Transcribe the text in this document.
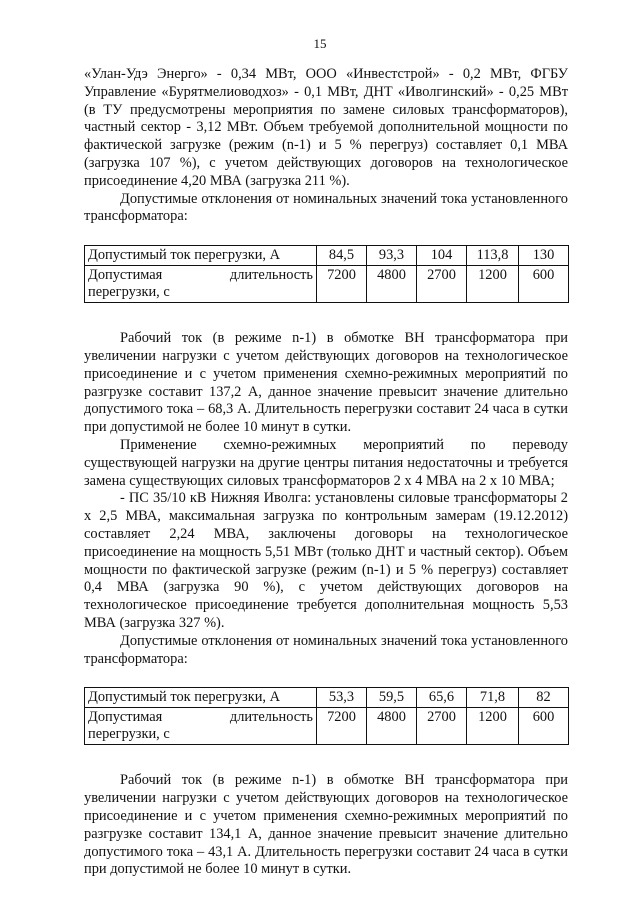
15

«Улан-Удэ Энерго» - 0,34 МВт, ООО «Инвестстрой» - 0,2 МВт, ФГБУ Управление «Бурятмелиоводхоз» - 0,1 МВт, ДНТ «Иволгинский» - 0,25 МВт (в ТУ предусмотрены мероприятия по замене силовых трансформаторов), частный сектор - 3,12 МВт. Объем требуемой дополнительной мощности по фактической загрузке (режим (n-1) и 5 % перегруз) составляет 0,1 МВА (загрузка 107 %), с учетом действующих договоров на технологическое присоединение 4,20 МВА (загрузка 211 %).

Допустимые отклонения от номинальных значений тока установленного трансформатора:

Допустимый ток перегрузки, А	84,5	93,3	104	113,8	130
Допустимая длительность перегрузки, с	7200	4800	2700	1200	600

Рабочий ток (в режиме n-1) в обмотке ВН трансформатора при увеличении нагрузки с учетом действующих договоров на технологическое присоединение и с учетом применения схемно-режимных мероприятий по разгрузке составит 137,2 А, данное значение превысит значение длительно допустимого тока – 68,3 А. Длительность перегрузки составит 24 часа в сутки при допустимой не более 10 минут в сутки.

Применение схемно-режимных мероприятий по переводу существующей нагрузки на другие центры питания недостаточны и требуется замена существующих силовых трансформаторов 2 х 4 МВА на 2 х 10 МВА;

- ПС 35/10 кВ Нижняя Иволга: установлены силовые трансформаторы 2 х 2,5 МВА, максимальная загрузка по контрольным замерам (19.12.2012) составляет 2,24 МВА, заключены договоры на технологическое присоединение на мощность 5,51 МВт (только ДНТ и частный сектор). Объем мощности по фактической загрузке (режим (n-1) и 5 % перегруз) составляет 0,4 МВА (загрузка 90 %), с учетом действующих договоров на технологическое присоединение требуется дополнительная мощность 5,53 МВА (загрузка 327 %).

Допустимые отклонения от номинальных значений тока установленного трансформатора:

Допустимый ток перегрузки, А	53,3	59,5	65,6	71,8	82
Допустимая длительность перегрузки, с	7200	4800	2700	1200	600

Рабочий ток (в режиме n-1) в обмотке ВН трансформатора при увеличении нагрузки с учетом действующих договоров на технологическое присоединение и с учетом применения схемно-режимных мероприятий по разгрузке составит 134,1 А, данное значение превысит значение длительно допустимого тока – 43,1 А. Длительность перегрузки составит 24 часа в сутки при допустимой не более 10 минут в сутки.
